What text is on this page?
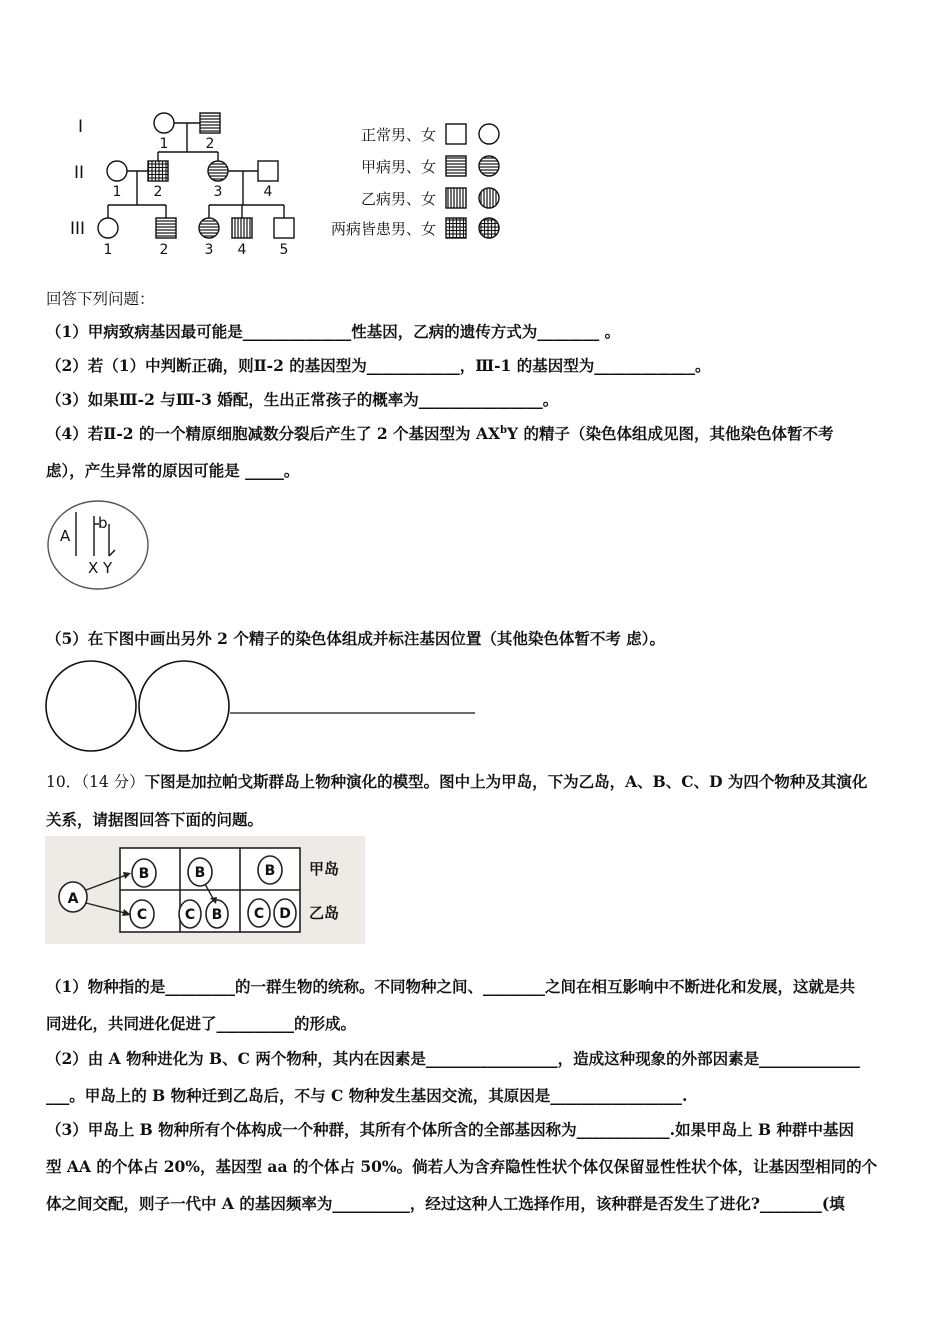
I
II
III
1	2
1 2	3	4
1	2	3 4 5
正常男、女
甲病男、女
乙病男、女
两病皆患男、女
回答下列问题：
（1）甲病致病基因最可能是______________性基因，乙病的遗传方式为________ 。
（2）若（1）中判断正确，则Ⅱ-2 的基因型为____________，Ⅲ-1 的基因型为_____________。
（3）如果Ⅲ-2 与Ⅲ-3 婚配，生出正常孩子的概率为________________。
（4）若Ⅱ-2 的一个精原细胞减数分裂后产生了 2 个基因型为 $AX^bY$ 的精子（染色体组成见图，其他染色体暂不考
虑），产生异常的原因可能是 _____。
A
b
X Y
（5）在下图中画出另外 2 个精子的染色体组成并标注基因位置（其他染色体暂不考 虑）。
10．（14 分）下图是加拉帕戈斯群岛上物种演化的模型。图中上为甲岛，下为乙岛，A、B、C、D 为四个物种及其演化
关系，请据图回答下面的问题。
A
B	B	B
C	C B C D
甲岛
乙岛
（1）物种指的是_________的一群生物的统称。不同物种之间、________之间在相互影响中不断进化和发展，这就是共
同进化，共同进化促进了__________的形成。
（2）由 A 物种进化为 B、C 两个物种，其内在因素是_________________，造成这种现象的外部因素是_____________
___。甲岛上的 B 物种迁到乙岛后，不与 C 物种发生基因交流，其原因是_________________.
（3）甲岛上 B 物种所有个体构成一个种群，其所有个体所含的全部基因称为____________.如果甲岛上 B 种群中基因
型 AA 的个体占 20%，基因型 aa 的个体占 50%。倘若人为含弃隐性性状个体仅保留显性性状个体，让基因型相同的个
体之间交配，则子一代中 A 的基因频率为__________，经过这种人工选择作用，该种群是否发生了进化?________(填
